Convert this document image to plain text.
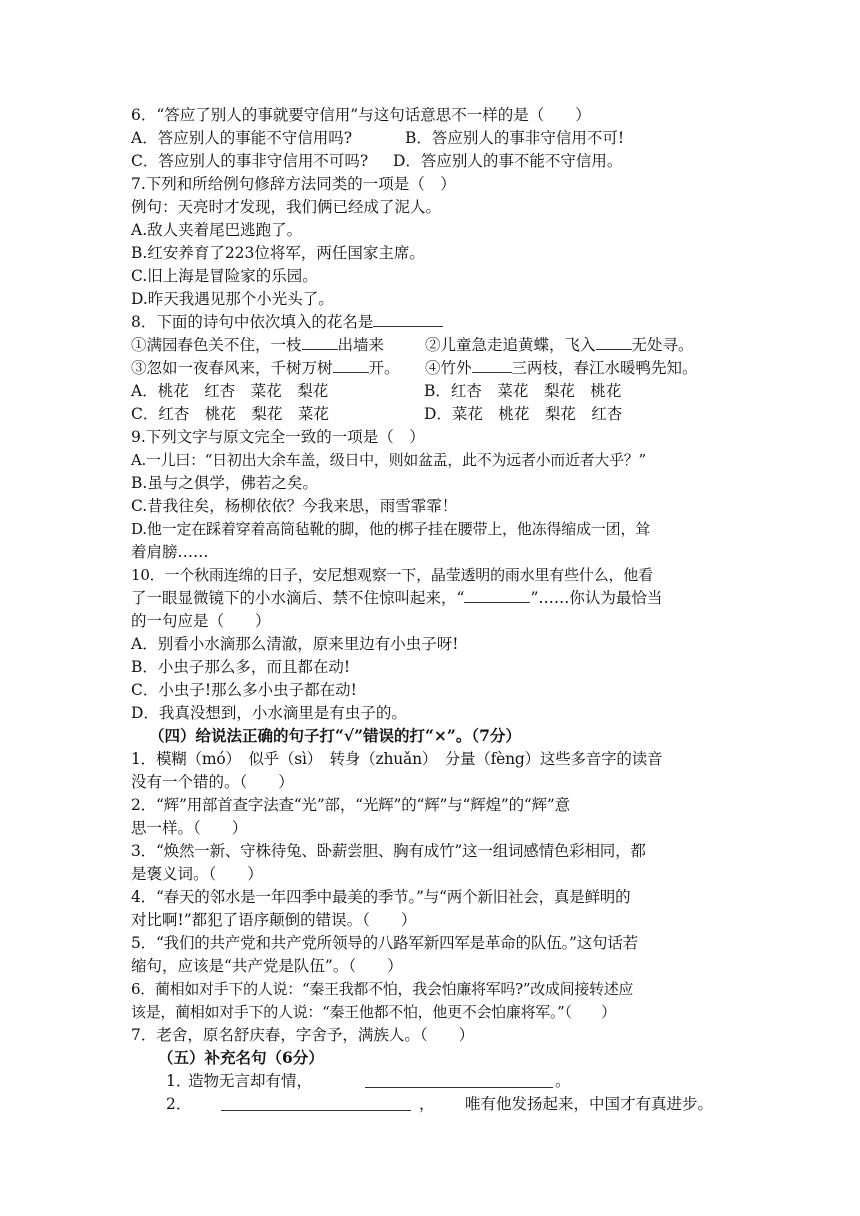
6．“答应了别人的事就要守信用”与这句话意思不一样的是（　　）
A．答应别人的事能不守信用吗?	B．答应别人的事非守信用不可!
C．答应别人的事非守信用不可吗? D．答应别人的事不能不守信用。
7.下列和所给例句修辞方法同类的一项是（　）
例句：天亮时才发现，我们俩已经成了泥人。
A.敌人夹着尾巴逃跑了。
B.红安养育了223位将军，两任国家主席。
C.旧上海是冒险家的乐园。
D.昨天我遇见那个小光头了。
8．下面的诗句中依次填入的花名是
①满园春色关不住，一枝 出墙来	②儿童急走追黄蝶，飞入 无处寻。
③忽如一夜春风来，千树万树 开。 ④竹外	三两枝，春江水暖鸭先知。
A．桃花　红杏　菜花　梨花	B．红杏　菜花　梨花　桃花
C．红杏　桃花　梨花　菜花	D．菜花　桃花　梨花　红杏
9.下列文字与原文完全一致的一项是（　）
A.一儿曰：“日初出大余车盖，级日中，则如盆盂，此不为远者小而近者大乎？”
B.虽与之俱学，佛若之矣。
C.昔我往矣，杨柳依依？今我来思，雨雪霏霏！
D.他一定在踩着穿着高筒毡靴的脚，他的梆子挂在腰带上，他冻得缩成一团，耸
着肩膀……
10．一个秋雨连绵的日子，安尼想观察一下，晶莹透明的雨水里有些什么，他看
了一眼显微镜下的小水滴后、禁不住惊叫起来，“	”……你认为最恰当
的一句应是（　　）
A．别看小水滴那么清澈，原来里边有小虫子呀!
B．小虫子那么多，而且都在动!
C．小虫子!那么多小虫子都在动!
D．我真没想到，小水滴里是有虫子的。
（四）给说法正确的句子打“√”错误的打“×”。（7分）
1．模糊（mó）　似乎（sì）　转身（zhuǎn）　分量（fèng）这些多音字的读音
没有一个错的。（　　）
2．“辉”用部首查字法查“光”部，“光辉”的“辉”与“辉煌”的“辉”意
思一样。（　　）
3．“焕然一新、守株待兔、卧薪尝胆、胸有成竹”这一组词感情色彩相同，都
是褒义词。（　　）
4．“春天的邻水是一年四季中最美的季节。”与“两个新旧社会，真是鲜明的
对比啊!”都犯了语序颠倒的错误。（　　）
5．“我们的共产党和共产党所领导的八路军新四军是革命的队伍。”这句话若
缩句，应该是“共产党是队伍”。（　　）
6．蔺相如对手下的人说：“秦王我都不怕，我会怕廉将军吗?”改成间接转述应
该是，蔺相如对手下的人说：“秦王他都不怕，他更不会怕廉将军。”（　　）
7．老舍，原名舒庆春，字舍予，满族人。（　　）
（五）补充名句（6分）
1．
造物无言却有情，	。
2．	， 唯有他发扬起来，中国才有真进步。
